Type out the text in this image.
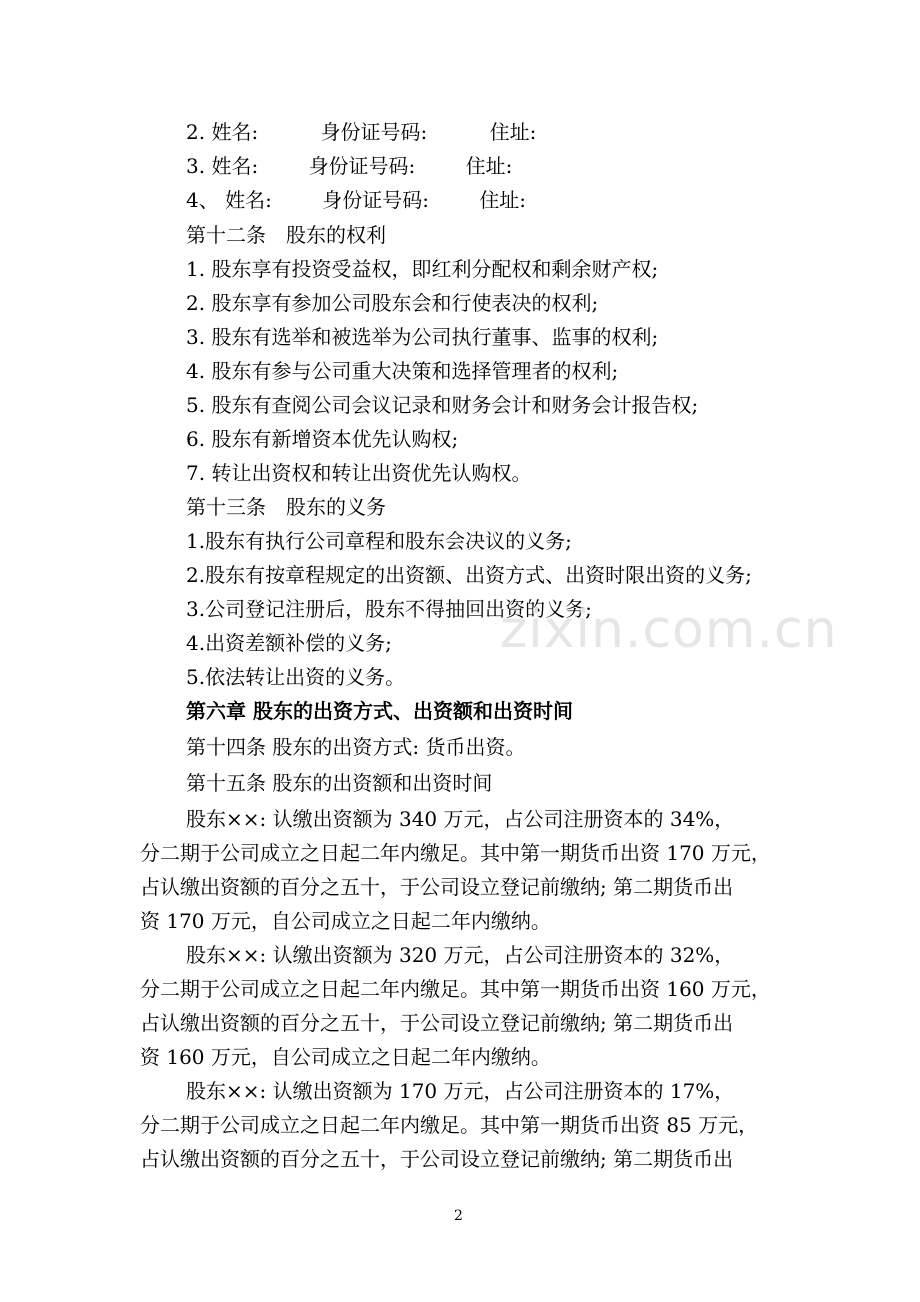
2. 姓名:	身份证号码:	住址:
3. 姓名:	身份证号码:	住址:
4、 姓名:	身份证号码:	住址:
第十二条　股东的权利
1. 股东享有投资受益权，即红利分配权和剩余财产权;
2. 股东享有参加公司股东会和行使表决的权利;
3. 股东有选举和被选举为公司执行董事、监事的权利;
4. 股东有参与公司重大决策和选择管理者的权利;
5. 股东有查阅公司会议记录和财务会计和财务会计报告权;
6. 股东有新增资本优先认购权;
7. 转让出资权和转让出资优先认购权。
第十三条　股东的义务
1.股东有执行公司章程和股东会决议的义务;
2.股东有按章程规定的出资额、出资方式、出资时限出资的义务;
3.公司登记注册后，股东不得抽回出资的义务;
4.出资差额补偿的义务;
5.依法转让出资的义务。
第六章 股东的出资方式、出资额和出资时间
第十四条 股东的出资方式: 货币出资。
第十五条 股东的出资额和出资时间
股东××: 认缴出资额为 340 万元，占公司注册资本的 34%，
分二期于公司成立之日起二年内缴足。其中第一期货币出资 170 万元，
占认缴出资额的百分之五十，于公司设立登记前缴纳; 第二期货币出
资 170 万元，自公司成立之日起二年内缴纳。
股东××: 认缴出资额为 320 万元，占公司注册资本的 32%，
分二期于公司成立之日起二年内缴足。其中第一期货币出资 160 万元，
占认缴出资额的百分之五十，于公司设立登记前缴纳; 第二期货币出
资 160 万元，自公司成立之日起二年内缴纳。
股东××: 认缴出资额为 170 万元，占公司注册资本的 17%，
分二期于公司成立之日起二年内缴足。其中第一期货币出资 85 万元，
占认缴出资额的百分之五十，于公司设立登记前缴纳; 第二期货币出
zixin.com.cn
2
